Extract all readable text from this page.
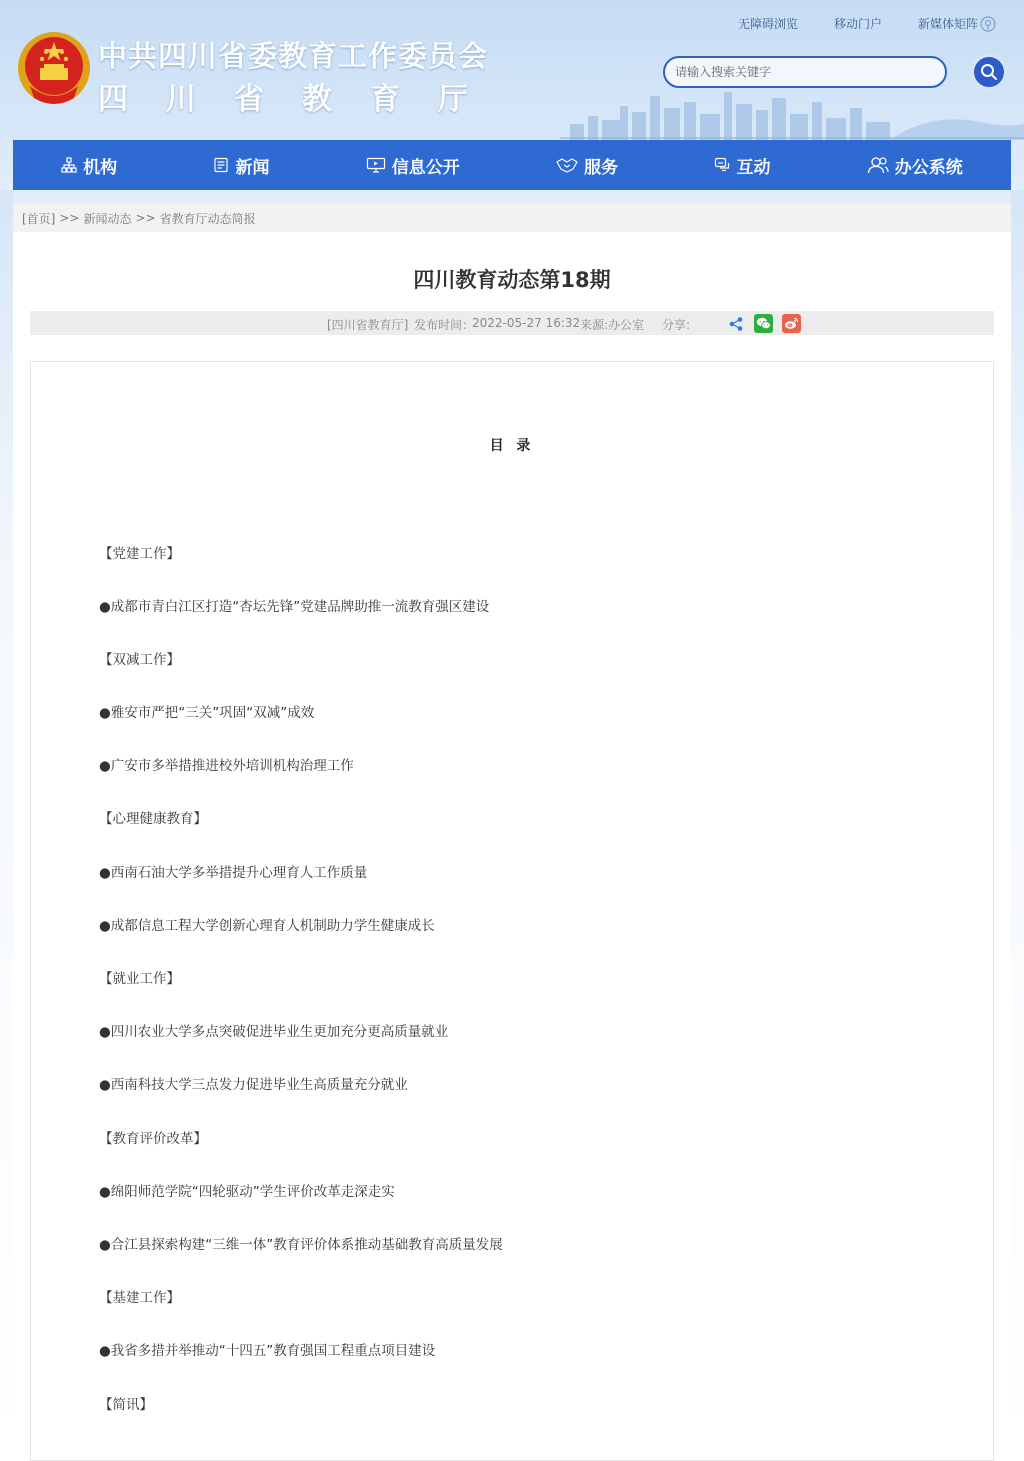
中共四川省委教育工作委员会
四 川 省 教 育 厅
无障碍浏览	移动门户	新媒体矩阵
请输入搜索关键字
机构	新闻	信息公开	服务	互动	办公系统
[首页] >> 新闻动态 >> 省教育厅动态简报
四川教育动态第18期
[四川省教育厅] 发布时间：
2022-05-27 16:32 来源: 办公室 分享:
目 录
【党建工作】
●成都市青白江区打造“杏坛先锋”党建品牌助推一流教育强区建设
【双减工作】
●雅安市严把“三关”巩固“双减”成效
●广安市多举措推进校外培训机构治理工作
【心理健康教育】
●西南石油大学多举措提升心理育人工作质量
●成都信息工程大学创新心理育人机制助力学生健康成长
【就业工作】
●四川农业大学多点突破促进毕业生更加充分更高质量就业
●西南科技大学三点发力促进毕业生高质量充分就业
【教育评价改革】
●绵阳师范学院“四轮驱动”学生评价改革走深走实
●合江县探索构建“三维一体”教育评价体系推动基础教育高质量发展
【基建工作】
●我省多措并举推动“十四五”教育强国工程重点项目建设
【简讯】
